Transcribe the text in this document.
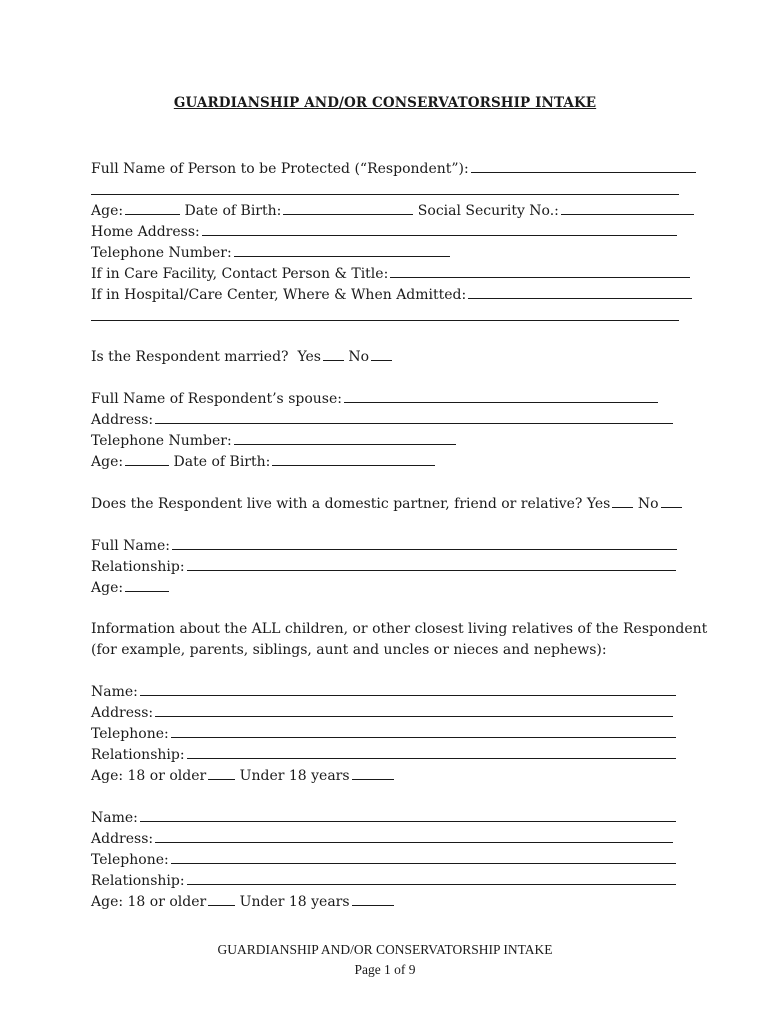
GUARDIANSHIP AND/OR CONSERVATORSHIP INTAKE
Full Name of Person to be Protected (“Respondent”):
Age:	Date of Birth:	Social Security No.:
Home Address:
Telephone Number:
If in Care Facility, Contact Person & Title:
If in Hospital/Care Center, Where & When Admitted:
Is the Respondent married? Yes No
Full Name of Respondent’s spouse:
Address:
Telephone Number:
Age:	Date of Birth:
Does the Respondent live with a domestic partner, friend or relative? Yes No
Full Name:
Relationship:
Age:
Information about the ALL children, or other closest living relatives of the Respondent
(for example, parents, siblings, aunt and uncles or nieces and nephews):
Name:
Address:
Telephone:
Relationship:
Age: 18 or older Under 18 years
Name:
Address:
Telephone:
Relationship:
Age: 18 or older Under 18 years
GUARDIANSHIP AND/OR CONSERVATORSHIP INTAKE
Page 1 of 9
